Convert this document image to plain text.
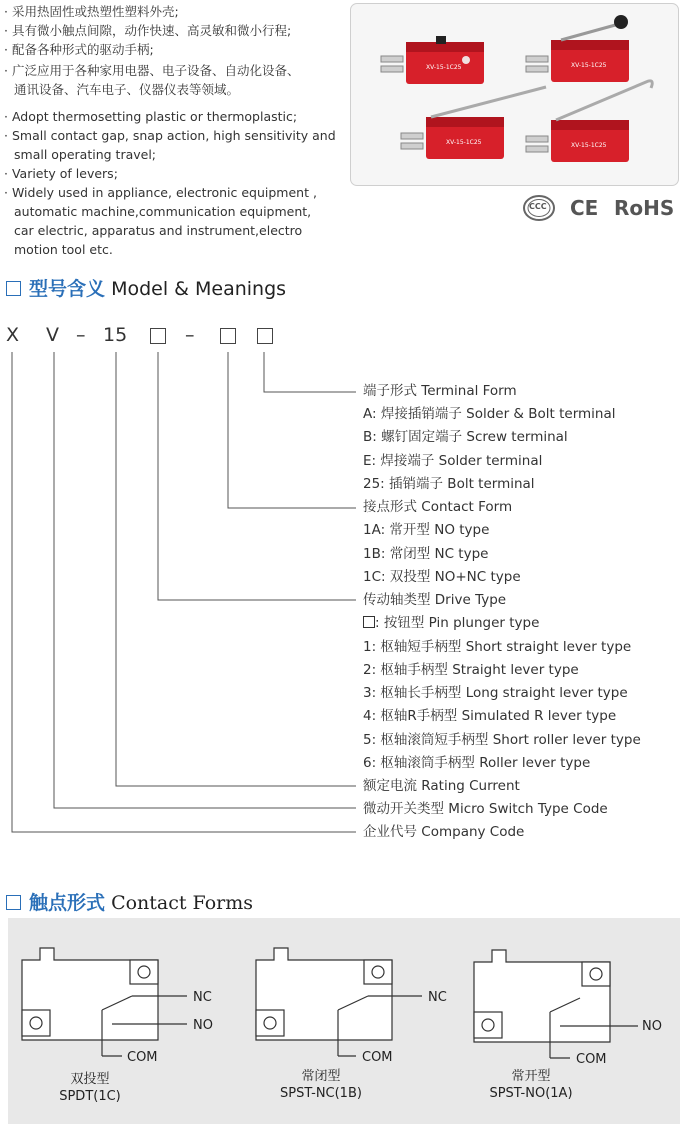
· 采用热固性或热塑性塑料外壳;
· 具有微小触点间隙，动作快速、高灵敏和微小行程;
· 配备各种形式的驱动手柄;
· 广泛应用于各种家用电器、电子设备、自动化设备、
通讯设备、汽车电子、仪器仪表等领域。
· Adopt thermosetting plastic or thermoplastic;
· Small contact gap, snap action, high sensitivity and
small operating travel;
· Variety of levers;
· Widely used in appliance, electronic equipment ,
automatic machine,communication equipment,
car electric, apparatus and instrument,electro
motion tool etc.
XV-15-1C25	XV-15-1C25
XV-15-1C25	XV-15-1C25
CCC CE RoHS
型号含义 Model & Meanings
X V – 15	–
端子形式 Terminal Form
A: 焊接插销端子 Solder & Bolt terminal
B: 螺钉固定端子 Screw terminal
E: 焊接端子 Solder terminal
25: 插销端子 Bolt terminal
接点形式 Contact Form
1A: 常开型 NO type
1B: 常闭型 NC type
1C: 双投型 NO+NC type
传动轴类型 Drive Type
: 按钮型 Pin plunger type
1: 枢轴短手柄型 Short straight lever type
2: 枢轴手柄型 Straight lever type
3: 枢轴长手柄型 Long straight lever type
4: 枢轴R手柄型 Simulated R lever type
5: 枢轴滚筒短手柄型 Short roller lever type
6: 枢轴滚筒手柄型 Roller lever type
额定电流 Rating Current
微动开关类型 Micro Switch Type Code
企业代号 Company Code
触点形式 Contact Forms
NC
NO
COM
NC
COM
NO
COM
双投型
SPDT(1C)
常闭型
SPST-NC(1B)
常开型
SPST-NO(1A)
